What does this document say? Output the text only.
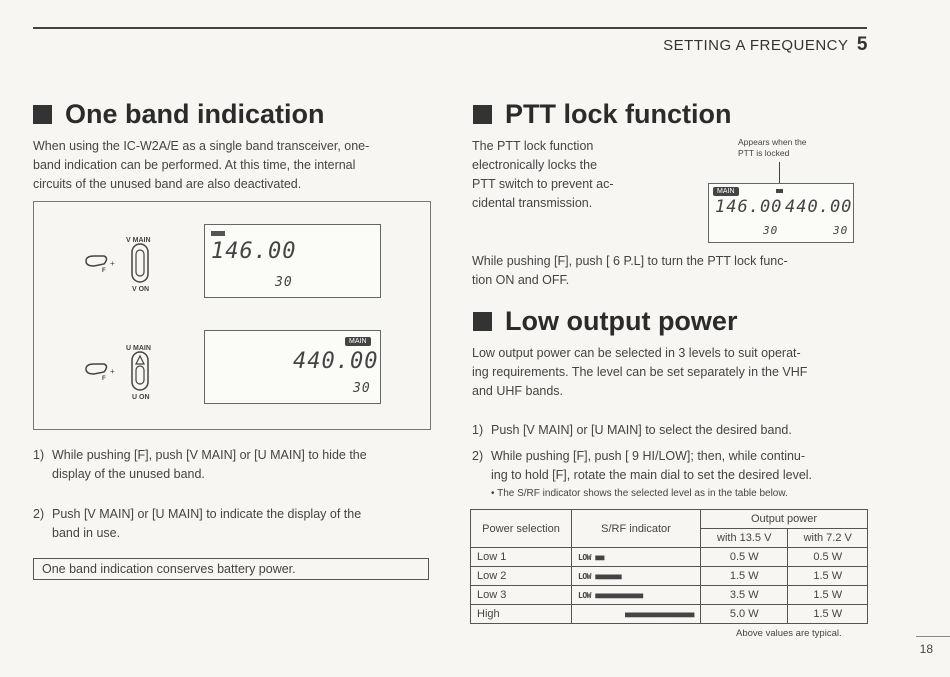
SETTING A FREQUENCY 5
One band indication

When using the IC-W2A/E as a single band transceiver, one-

band indication can be performed. At this time, the internal

circuits of the unused band are also deactivated.

+
V MAIN
V ON
F
146.00
30
+
U MAIN
U ON
F
MAIN
440.00
30

1) While pushing [F], push [V MAIN] or [U MAIN] to hide the

display of the unused band.

2) Push [V MAIN] or [U MAIN] to indicate the display of the

band in use.

One band indication conserves battery power.
PTT lock function

The PTT lock function

electronically locks the

PTT switch to prevent ac-

cidental transmission.

Appears when the
PTT is locked
MAIN
146.00 440.00
30	30

While pushing [F], push [ 6 P.L] to turn the PTT lock func-

tion ON and OFF.

Low output power

Low output power can be selected in 3 levels to suit operat-

ing requirements. The level can be set separately in the VHF

and UHF bands.

1) Push [V MAIN] or [U MAIN] to select the desired band.

2) While pushing [F], push [ 9 HI/LOW]; then, while continu-

ing to hold [F], rotate the main dial to set the desired level.

• The S/RF indicator shows the selected level as in the table below.
Power selection	S/RF indicator	Output power	
		with 13.5 V	with 7.2 V
Low 1	LOW ■■	0.5 W	0.5 W
Low 2	LOW ■■■■■■	1.5 W	1.5 W
Low 3	LOW ■■■■■■■■■■■	3.5 W	1.5 W
High	■■■■■■■■■■■■■■■■	5.0 W	1.5 W
Above values are typical.
18
